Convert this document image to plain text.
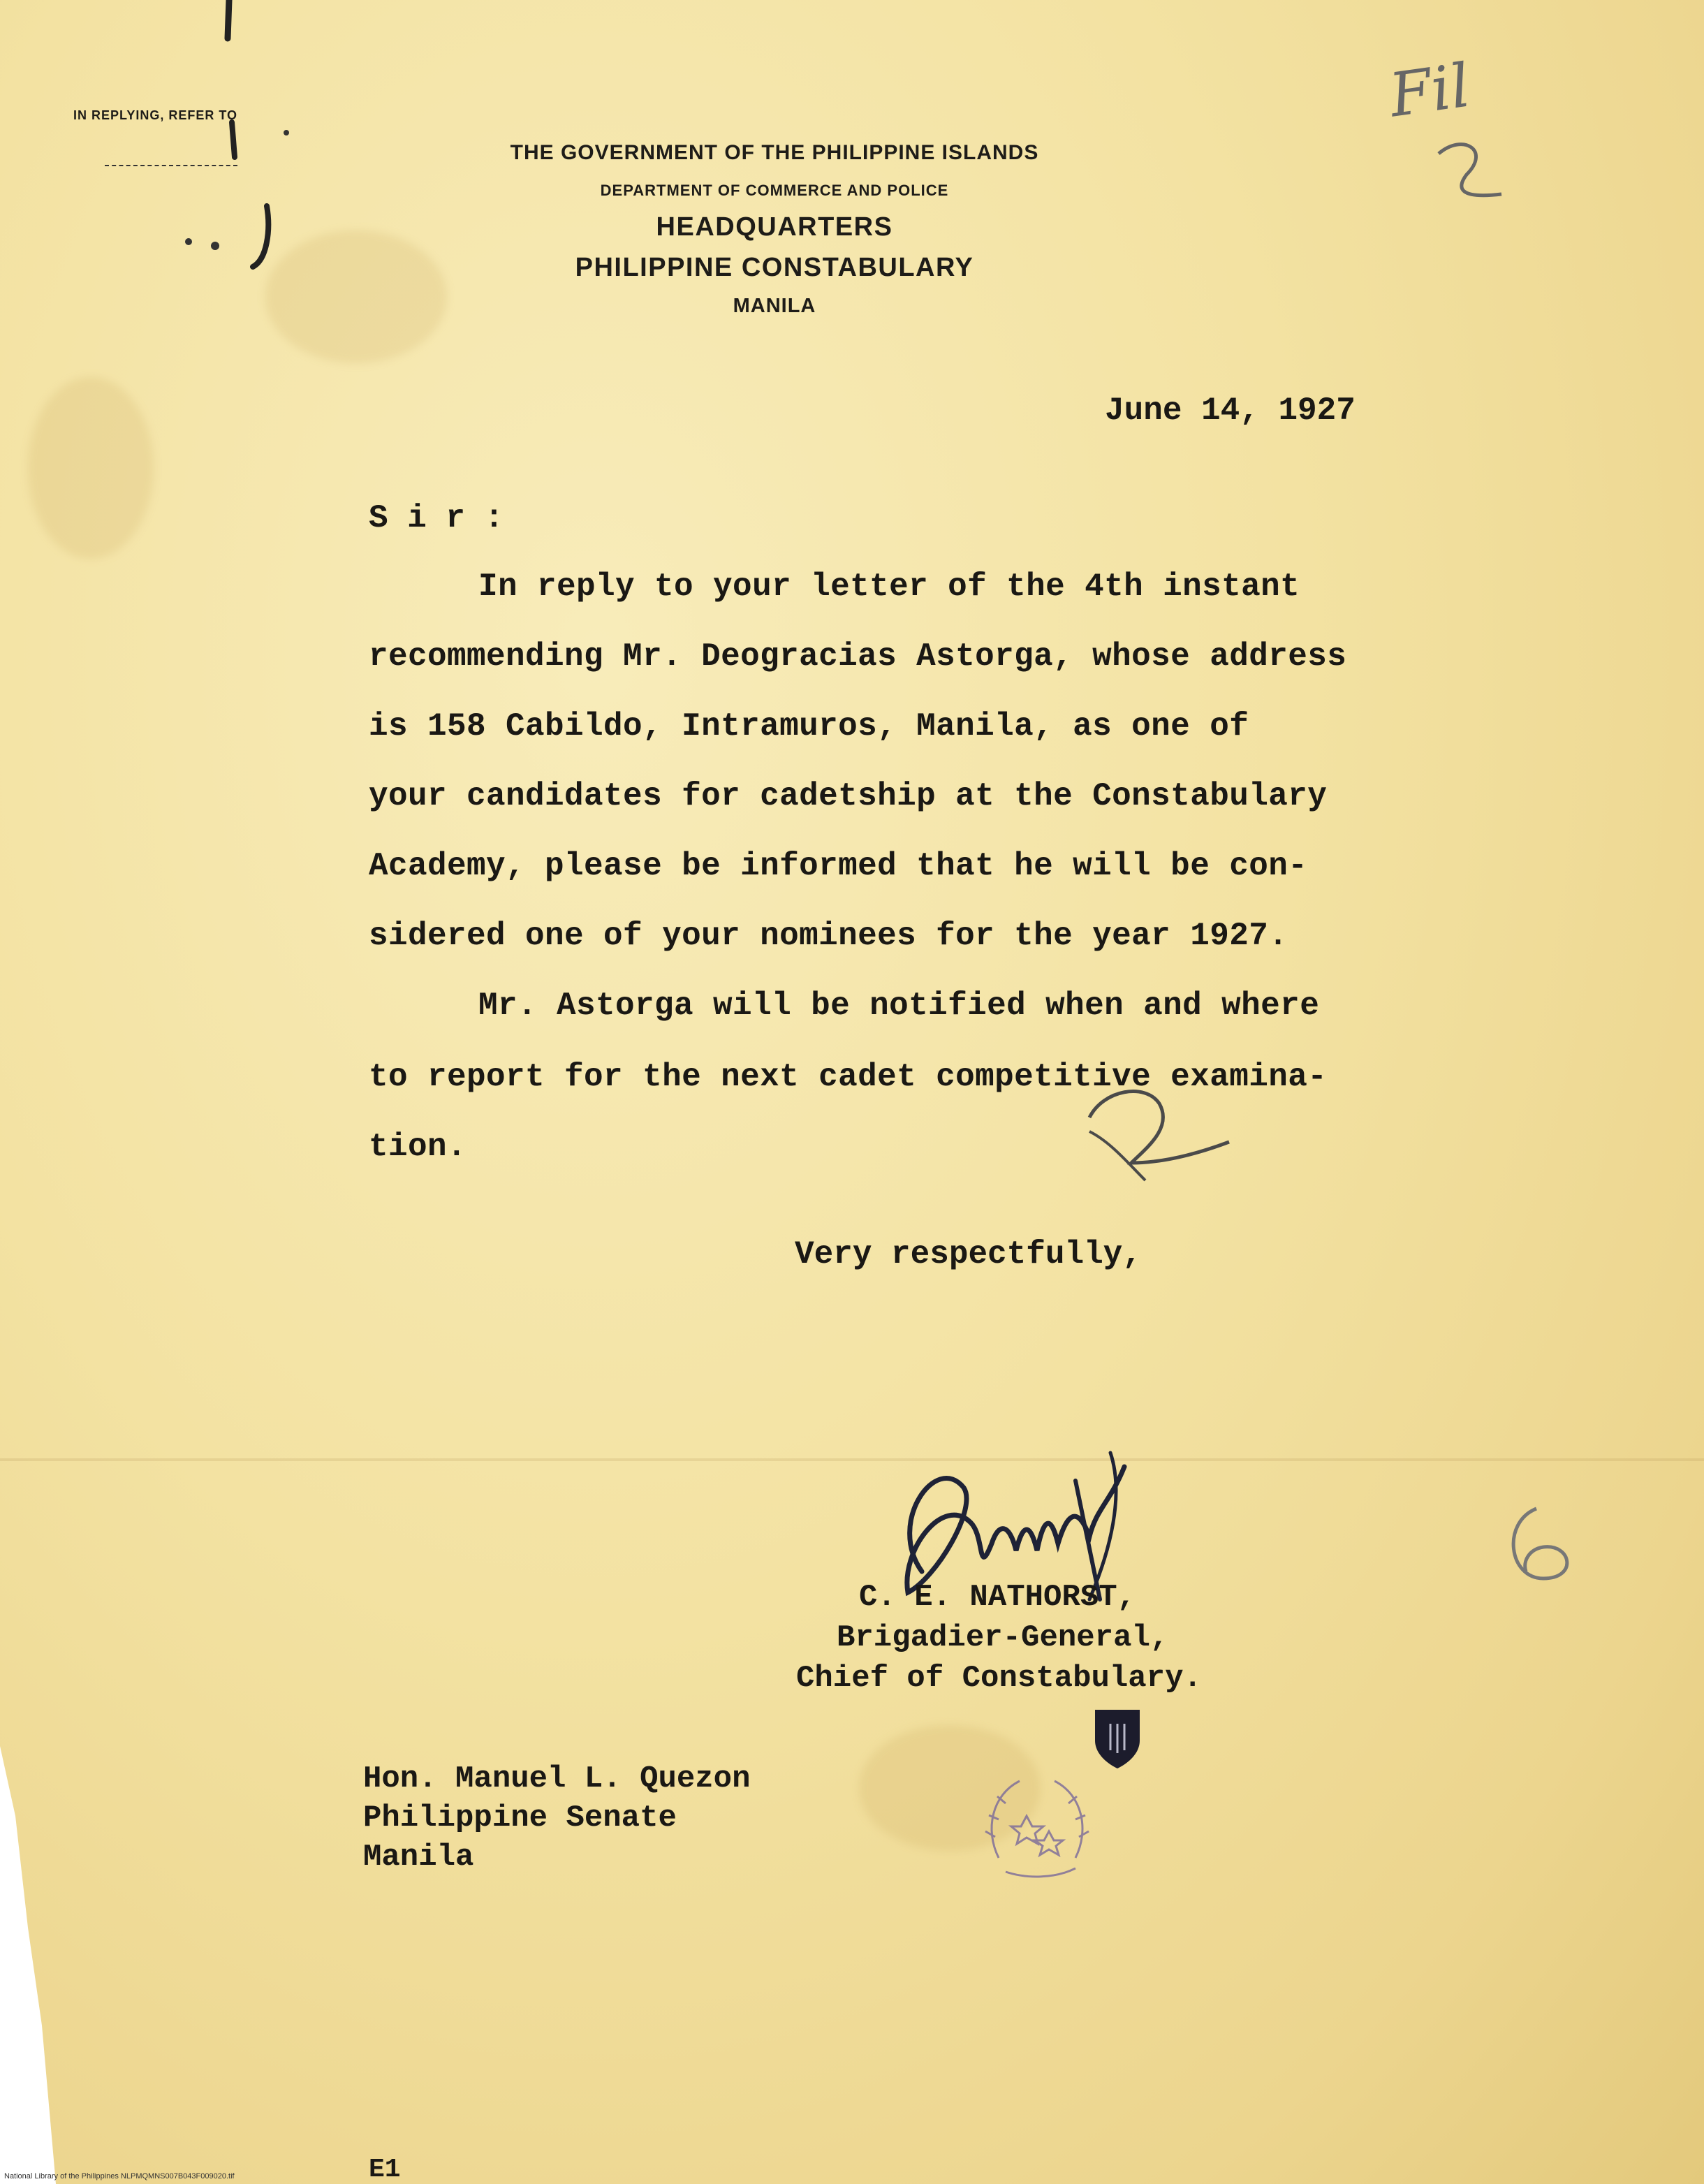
IN REPLYING, REFER TO
THE GOVERNMENT OF THE PHILIPPINE ISLANDS
DEPARTMENT OF COMMERCE AND POLICE
HEADQUARTERS
PHILIPPINE CONSTABULARY
MANILA
Fil
June 14, 1927
S i r :
In reply to your letter of the 4th instant
recommending Mr. Deogracias Astorga, whose address
is 158 Cabildo, Intramuros, Manila, as one of
your candidates for cadetship at the Constabulary
Academy, please be informed that he will be con-
sidered one of your nominees for the year 1927.
Mr. Astorga will be notified when and where
to report for the next cadet competitive examina-
tion.
Very respectfully,
C. E. NATHORST,
Brigadier-General,
Chief of Constabulary.
Hon. Manuel L. Quezon
Philippine Senate
Manila
E1
National Library of the Philippines NLPMQMNS007B043F009020.tif
